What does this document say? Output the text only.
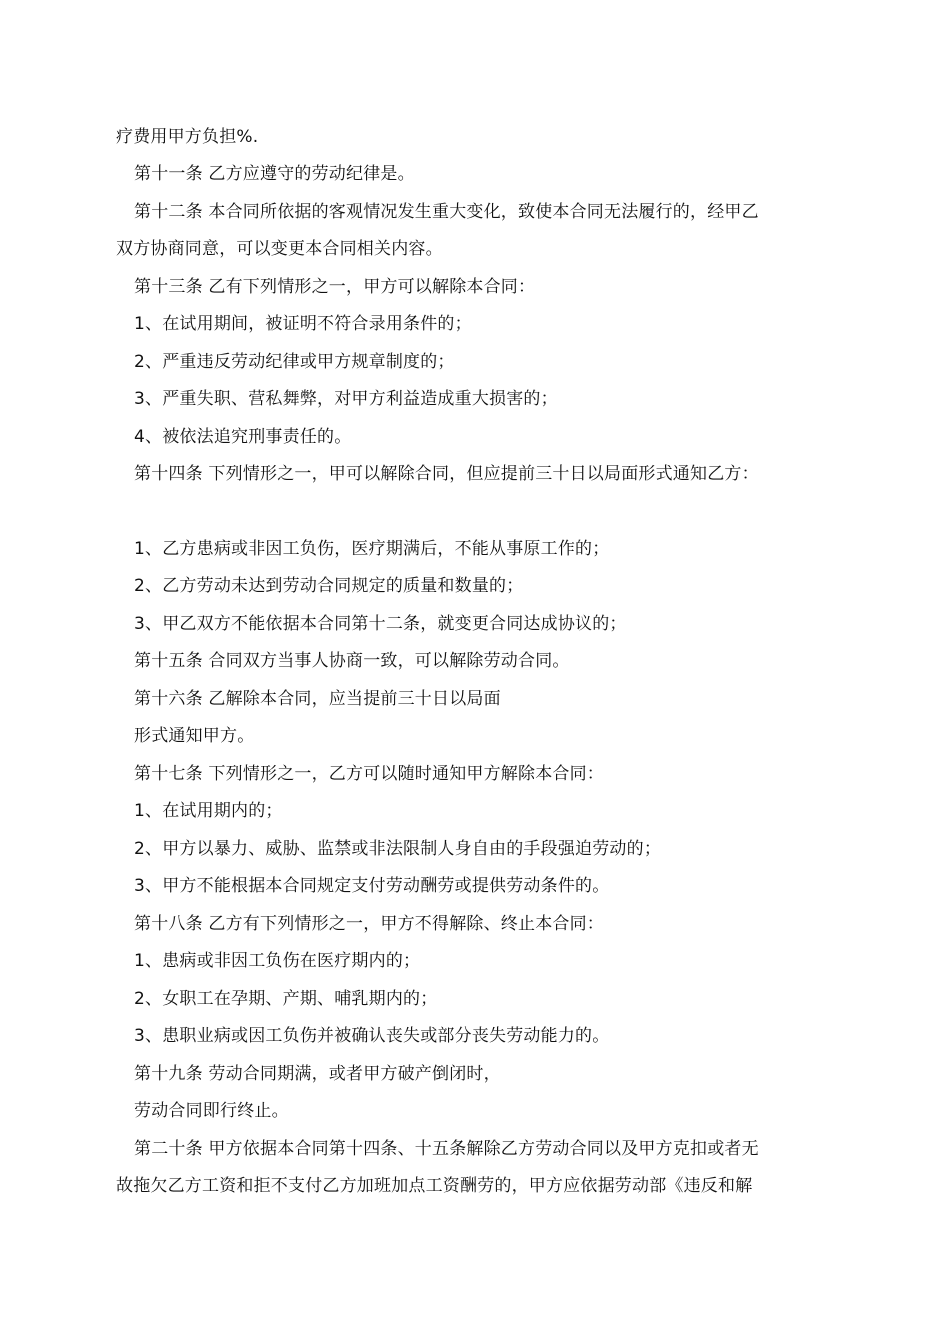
疗费用甲方负担%.
第十一条 乙方应遵守的劳动纪律是。
第十二条 本合同所依据的客观情况发生重大变化，致使本合同无法履行的，经甲乙
双方协商同意，可以变更本合同相关内容。
第十三条 乙有下列情形之一，甲方可以解除本合同：
1、在试用期间，被证明不符合录用条件的；
2、严重违反劳动纪律或甲方规章制度的；
3、严重失职、营私舞弊，对甲方利益造成重大损害的；
4、被依法追究刑事责任的。
第十四条 下列情形之一，甲可以解除合同，但应提前三十日以局面形式通知乙方：
1、乙方患病或非因工负伤，医疗期满后，不能从事原工作的；
2、乙方劳动未达到劳动合同规定的质量和数量的；
3、甲乙双方不能依据本合同第十二条，就变更合同达成协议的；
第十五条 合同双方当事人协商一致，可以解除劳动合同。
第十六条 乙解除本合同，应当提前三十日以局面
形式通知甲方。
第十七条 下列情形之一，乙方可以随时通知甲方解除本合同：
1、在试用期内的；
2、甲方以暴力、威胁、监禁或非法限制人身自由的手段强迫劳动的；
3、甲方不能根据本合同规定支付劳动酬劳或提供劳动条件的。
第十八条 乙方有下列情形之一，甲方不得解除、终止本合同：
1、患病或非因工负伤在医疗期内的；
2、女职工在孕期、产期、哺乳期内的；
3、患职业病或因工负伤并被确认丧失或部分丧失劳动能力的。
第十九条 劳动合同期满，或者甲方破产倒闭时，
劳动合同即行终止。
第二十条 甲方依据本合同第十四条、十五条解除乙方劳动合同以及甲方克扣或者无
故拖欠乙方工资和拒不支付乙方加班加点工资酬劳的，甲方应依据劳动部《违反和解
